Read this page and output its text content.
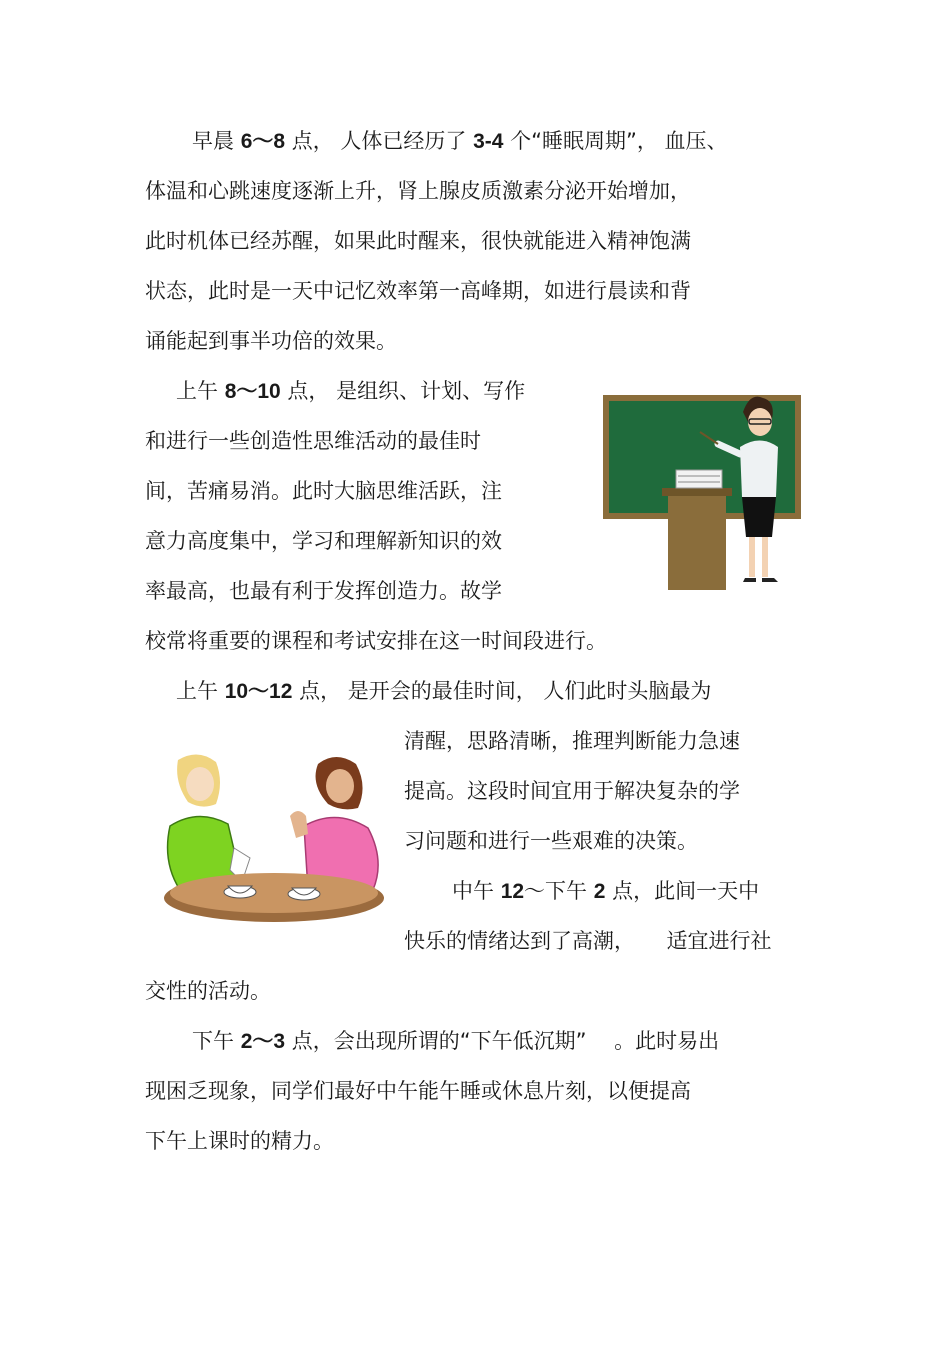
早晨 6～8 点， 人体已经历了 3-4 个“睡眠周期”， 血压、
体温和心跳速度逐渐上升，肾上腺皮质激素分泌开始增加，
此时机体已经苏醒，如果此时醒来，很快就能进入精神饱满
状态，此时是一天中记忆效率第一高峰期，如进行晨读和背
诵能起到事半功倍的效果。
上午 8～10 点， 是组织、计划、写作
和进行一些创造性思维活动的最佳时
间，苦痛易消。此时大脑思维活跃，注
意力高度集中，学习和理解新知识的效
率最高，也最有利于发挥创造力。故学
校常将重要的课程和考试安排在这一时间段进行。
上午 10～12 点， 是开会的最佳时间， 人们此时头脑最为
清醒，思路清晰，推理判断能力急速
提高。这段时间宜用于解决复杂的学
习问题和进行一些艰难的决策。
中午 12～下午 2 点，此间一天中
快乐的情绪达到了高潮，　　适宜进行社
交性的活动。
下午 2～3 点，会出现所谓的“下午低沉期” 　。此时易出
现困乏现象，同学们最好中午能午睡或休息片刻，以便提高
下午上课时的精力。
